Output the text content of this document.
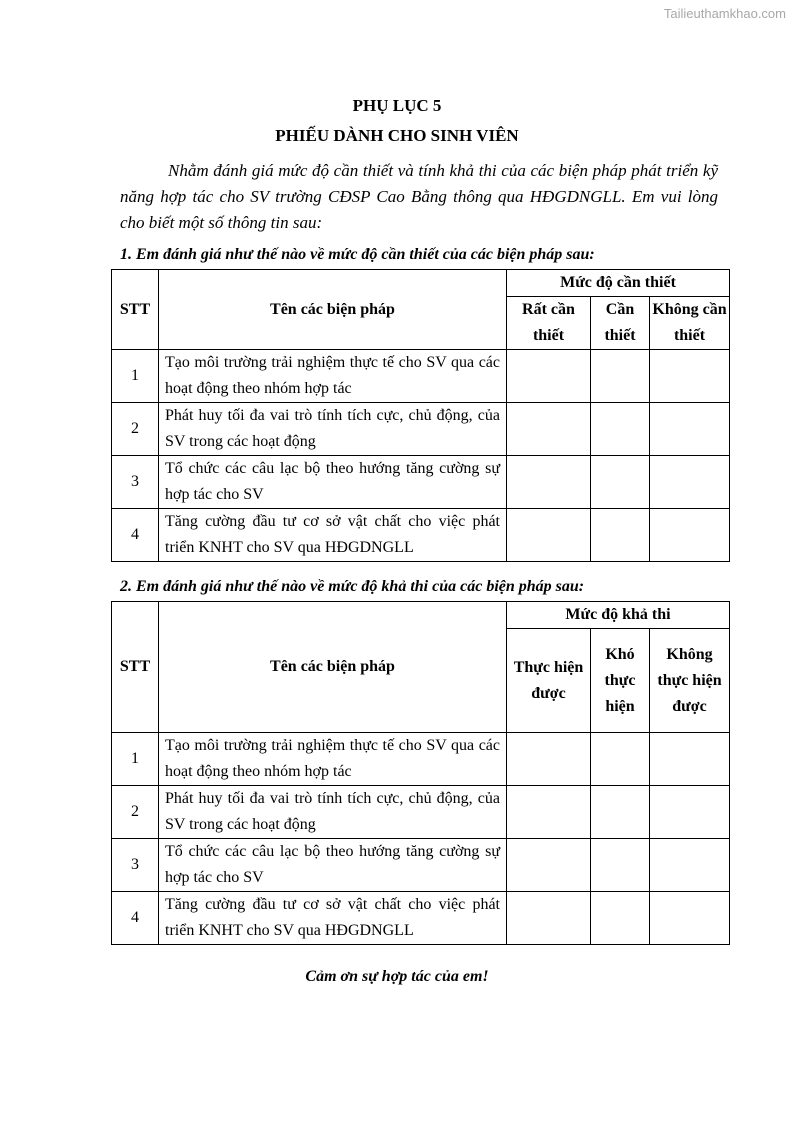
Tailieuthamkhao.com
PHỤ LỤC 5
PHIẾU DÀNH CHO SINH VIÊN
Nhằm đánh giá mức độ cần thiết và tính khả thi của các biện pháp phát triển kỹ năng hợp tác cho SV trường CĐSP Cao Bằng thông qua HĐGDNGLL. Em vui lòng cho biết một số thông tin sau:
1. Em đánh giá như thế nào về mức độ cần thiết của các biện pháp sau:
STT	Tên các biện pháp	Mức độ cần thiết		
		Rất cần thiết	Cần thiết	Không cần thiết
1	Tạo môi trường trải nghiệm thực tế cho SV qua các hoạt động theo nhóm hợp tác			
2	Phát huy tối đa vai trò tính tích cực, chủ động, của SV trong các hoạt động			
3	Tổ chức các câu lạc bộ theo hướng tăng cường sự hợp tác cho SV			
4	Tăng cường đầu tư cơ sở vật chất cho việc phát triển KNHT cho SV qua HĐGDNGLL			
2. Em đánh giá như thế nào về mức độ khả thi của các biện pháp sau:
STT	Tên các biện pháp	Mức độ khả thi		
		Thực hiện được	Khó thực hiện	Không thực hiện được
1	Tạo môi trường trải nghiệm thực tế cho SV qua các hoạt động theo nhóm hợp tác			
2	Phát huy tối đa vai trò tính tích cực, chủ động, của SV trong các hoạt động			
3	Tổ chức các câu lạc bộ theo hướng tăng cường sự hợp tác cho SV			
4	Tăng cường đầu tư cơ sở vật chất cho việc phát triển KNHT cho SV qua HĐGDNGLL			
Cảm ơn sự hợp tác của em!
